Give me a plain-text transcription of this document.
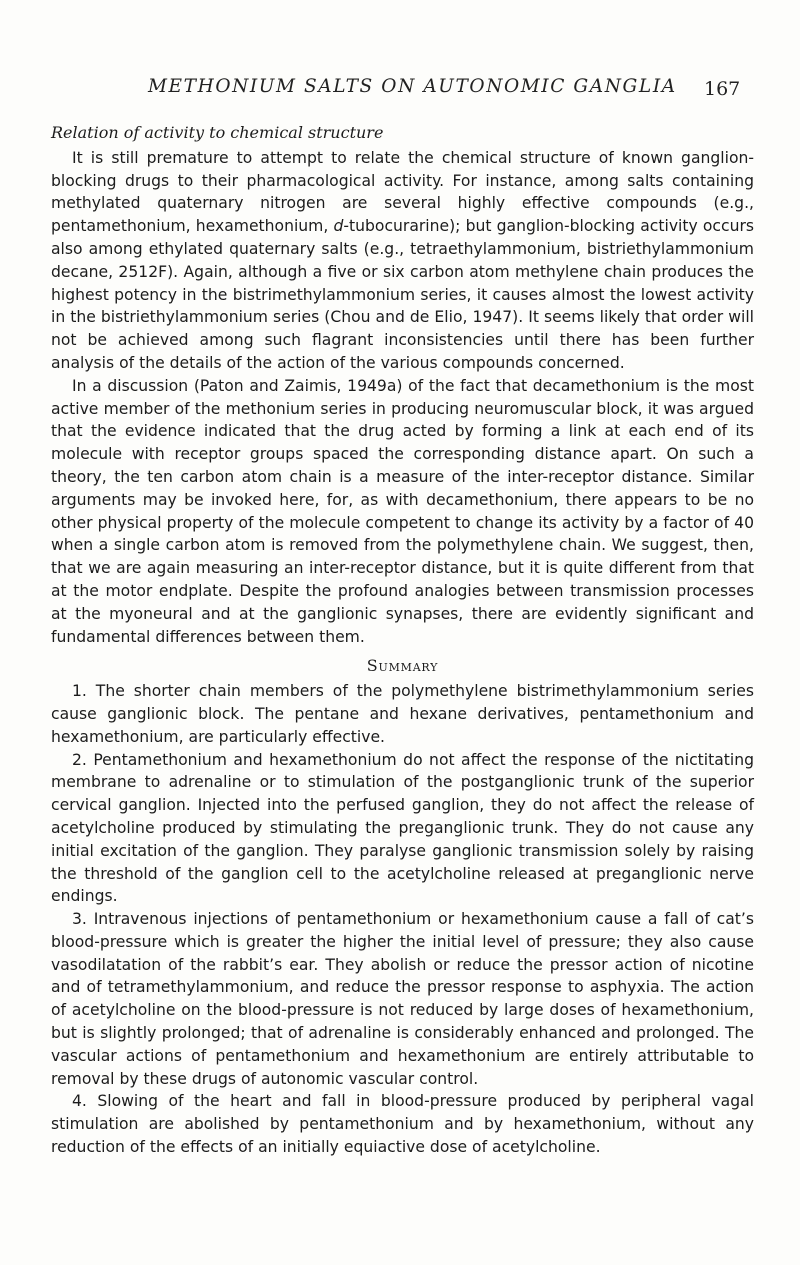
METHONIUM SALTS ON AUTONOMIC GANGLIA 167

Relation of activity to chemical structure

It is still premature to attempt to relate the chemical structure of known ganglion-blocking drugs to their pharmacological activity. For instance, among salts containing methylated quaternary nitrogen are several highly effective compounds (e.g., pentamethonium, hexamethonium, d-tubocurarine); but ganglion-blocking activity occurs also among ethylated quaternary salts (e.g., tetraethylammonium, bistriethylammonium decane, 2512F). Again, although a five or six carbon atom methylene chain produces the highest potency in the bistrimethylammonium series, it causes almost the lowest activity in the bistriethylammonium series (Chou and de Elio, 1947). It seems likely that order will not be achieved among such flagrant inconsistencies until there has been further analysis of the details of the action of the various compounds concerned.

In a discussion (Paton and Zaimis, 1949a) of the fact that decamethonium is the most active member of the methonium series in producing neuromuscular block, it was argued that the evidence indicated that the drug acted by forming a link at each end of its molecule with receptor groups spaced the corresponding distance apart. On such a theory, the ten carbon atom chain is a measure of the inter-receptor distance. Similar arguments may be invoked here, for, as with decamethonium, there appears to be no other physical property of the molecule competent to change its activity by a factor of 40 when a single carbon atom is removed from the polymethylene chain. We suggest, then, that we are again measuring an inter-receptor distance, but it is quite different from that at the motor endplate. Despite the profound analogies between transmission processes at the myoneural and at the ganglionic synapses, there are evidently significant and fundamental differences between them.

Summary

1. The shorter chain members of the polymethylene bistrimethylammonium series cause ganglionic block. The pentane and hexane derivatives, pentamethonium and hexamethonium, are particularly effective.

2. Pentamethonium and hexamethonium do not affect the response of the nictitating membrane to adrenaline or to stimulation of the postganglionic trunk of the superior cervical ganglion. Injected into the perfused ganglion, they do not affect the release of acetylcholine produced by stimulating the preganglionic trunk. They do not cause any initial excitation of the ganglion. They paralyse ganglionic transmission solely by raising the threshold of the ganglion cell to the acetylcholine released at preganglionic nerve endings.

3. Intravenous injections of pentamethonium or hexamethonium cause a fall of cat’s blood-pressure which is greater the higher the initial level of pressure; they also cause vasodilatation of the rabbit’s ear. They abolish or reduce the pressor action of nicotine and of tetramethylammonium, and reduce the pressor response to asphyxia. The action of acetylcholine on the blood-pressure is not reduced by large doses of hexamethonium, but is slightly prolonged; that of adrenaline is considerably enhanced and prolonged. The vascular actions of pentamethonium and hexamethonium are entirely attributable to removal by these drugs of autonomic vascular control.

4. Slowing of the heart and fall in blood-pressure produced by peripheral vagal stimulation are abolished by pentamethonium and by hexamethonium, without any reduction of the effects of an initially equiactive dose of acetylcholine.
